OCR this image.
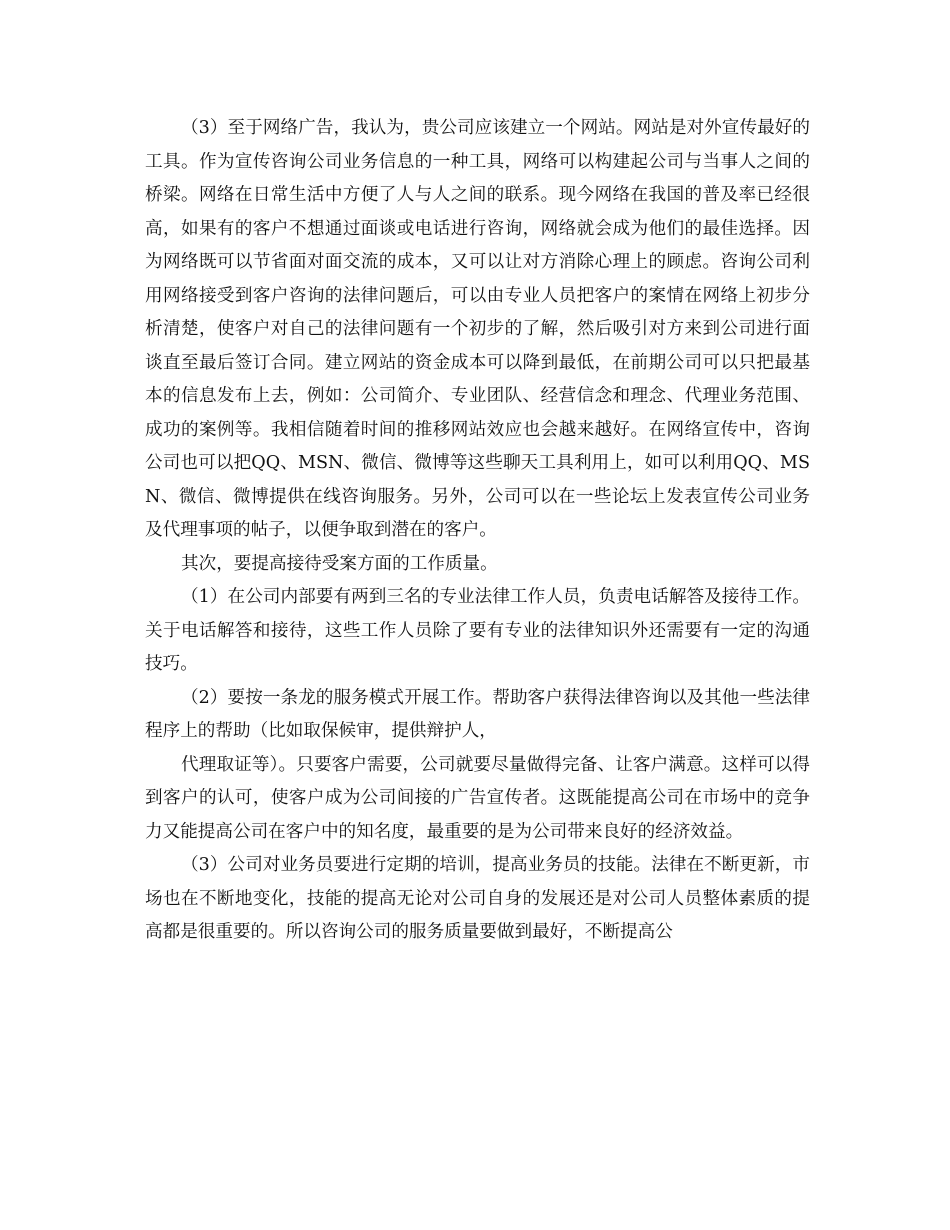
（3）至于网络广告，我认为，贵公司应该建立一个网站。网站是对外宣传最好的工具。作为宣传咨询公司业务信息的一种工具，网络可以构建起公司与当事人之间的桥梁。网络在日常生活中方便了人与人之间的联系。现今网络在我国的普及率已经很高，如果有的客户不想通过面谈或电话进行咨询，网络就会成为他们的最佳选择。因为网络既可以节省面对面交流的成本，又可以让对方消除心理上的顾虑。咨询公司利用网络接受到客户咨询的法律问题后，可以由专业人员把客户的案情在网络上初步分析清楚，使客户对自己的法律问题有一个初步的了解，然后吸引对方来到公司进行面谈直至最后签订合同。建立网站的资金成本可以降到最低，在前期公司可以只把最基本的信息发布上去，例如：公司简介、专业团队、经营信念和理念、代理业务范围、成功的案例等。我相信随着时间的推移网站效应也会越来越好。在网络宣传中，咨询公司也可以把QQ、MSN、微信、微博等这些聊天工具利用上，如可以利用QQ、MSN、微信、微博提供在线咨询服务。另外，公司可以在一些论坛上发表宣传公司业务及代理事项的帖子，以便争取到潜在的客户。

其次，要提高接待受案方面的工作质量。

（1）在公司内部要有两到三名的专业法律工作人员，负责电话解答及接待工作。关于电话解答和接待，这些工作人员除了要有专业的法律知识外还需要有一定的沟通技巧。

（2）要按一条龙的服务模式开展工作。帮助客户获得法律咨询以及其他一些法律程序上的帮助（比如取保候审，提供辩护人，

代理取证等）。只要客户需要，公司就要尽量做得完备、让客户满意。这样可以得到客户的认可，使客户成为公司间接的广告宣传者。这既能提高公司在市场中的竞争力又能提高公司在客户中的知名度，最重要的是为公司带来良好的经济效益。

（3）公司对业务员要进行定期的培训，提高业务员的技能。法律在不断更新，市场也在不断地变化，技能的提高无论对公司自身的发展还是对公司人员整体素质的提高都是很重要的。所以咨询公司的服务质量要做到最好，不断提高公
